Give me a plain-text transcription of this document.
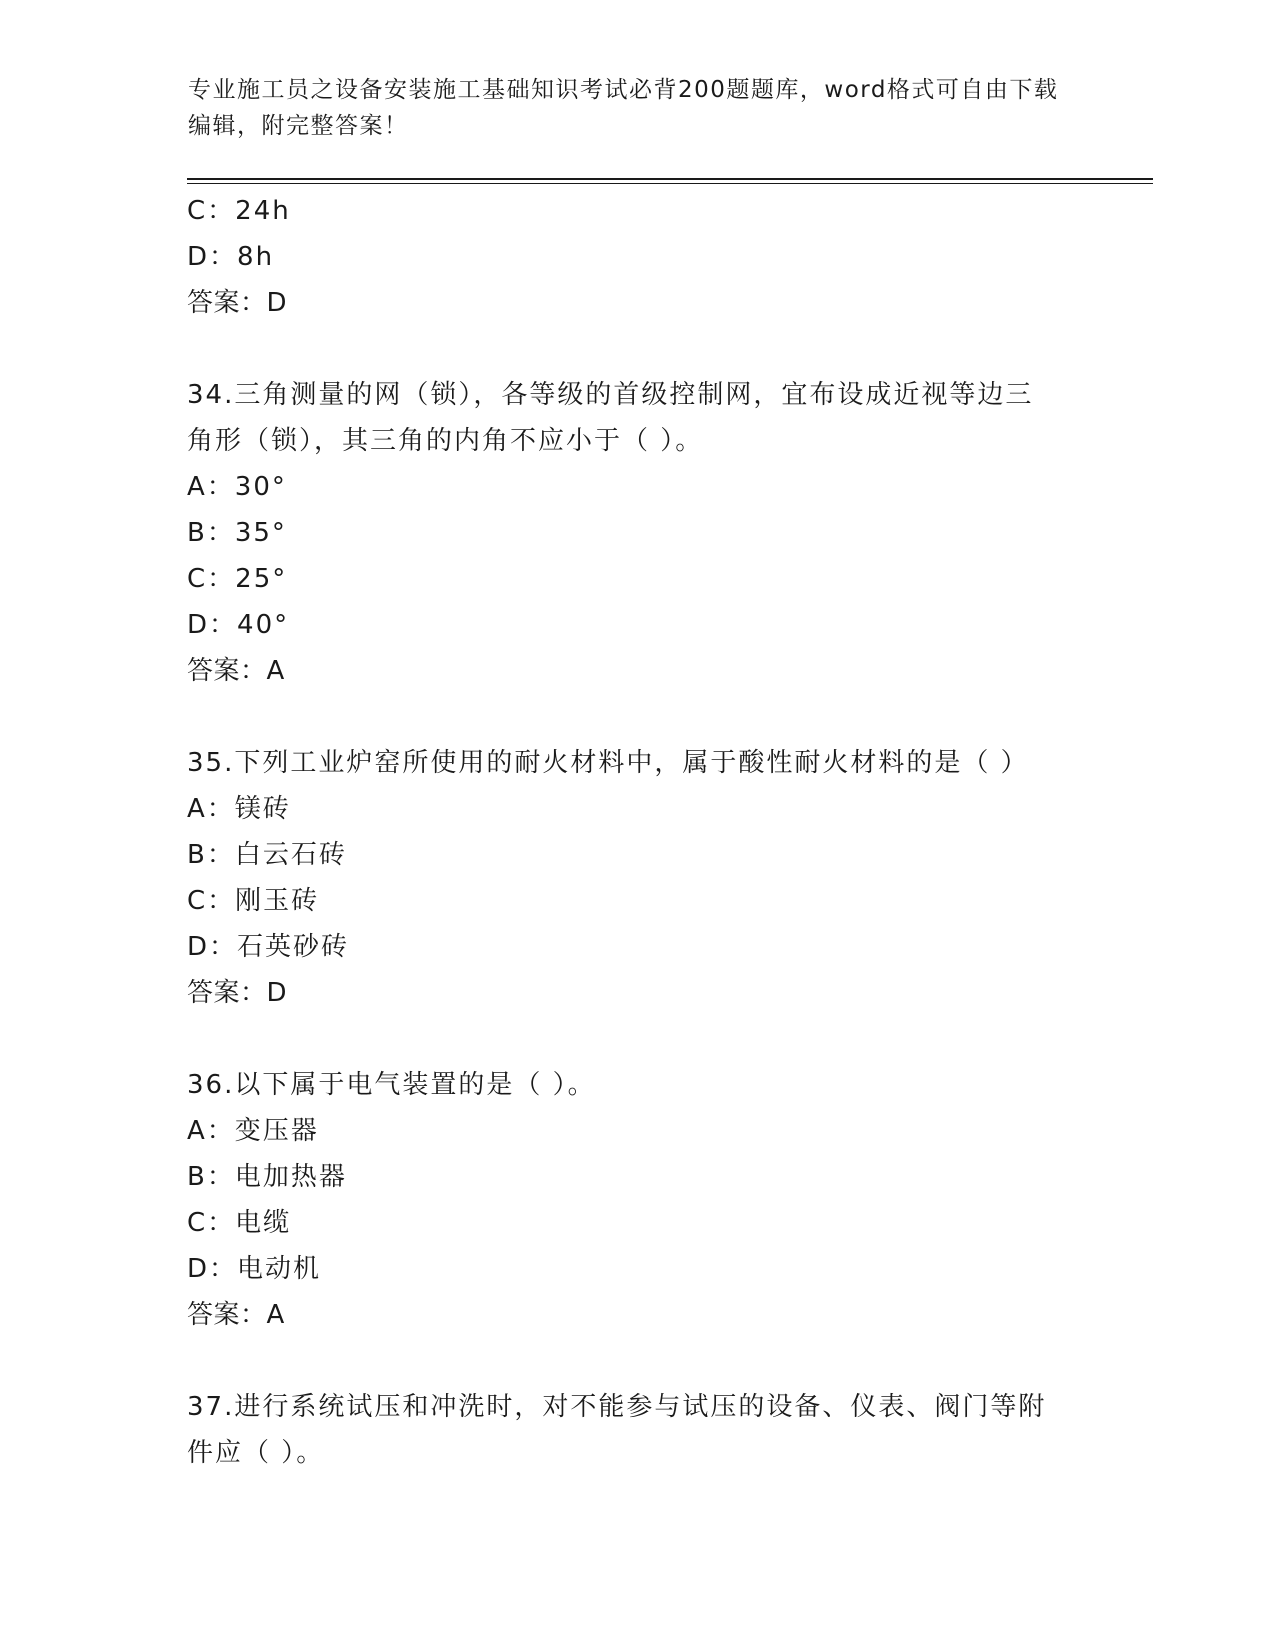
专业施工员之设备安装施工基础知识考试必背200题题库，word格式可自由下载
编辑，附完整答案！
C：24h
D：8h
答案：D
34.三角测量的网（锁），各等级的首级控制网，宜布设成近视等边三
角形（锁），其三角的内角不应小于（ ）。
A：30°
B：35°
C：25°
D：40°
答案：A
35.下列工业炉窑所使用的耐火材料中，属于酸性耐火材料的是（ ）
A：镁砖
B：白云石砖
C：刚玉砖
D：石英砂砖
答案：D
36.以下属于电气装置的是（ ）。
A：变压器
B：电加热器
C：电缆
D：电动机
答案：A
37.进行系统试压和冲洗时，对不能参与试压的设备、仪表、阀门等附
件应（ ）。
